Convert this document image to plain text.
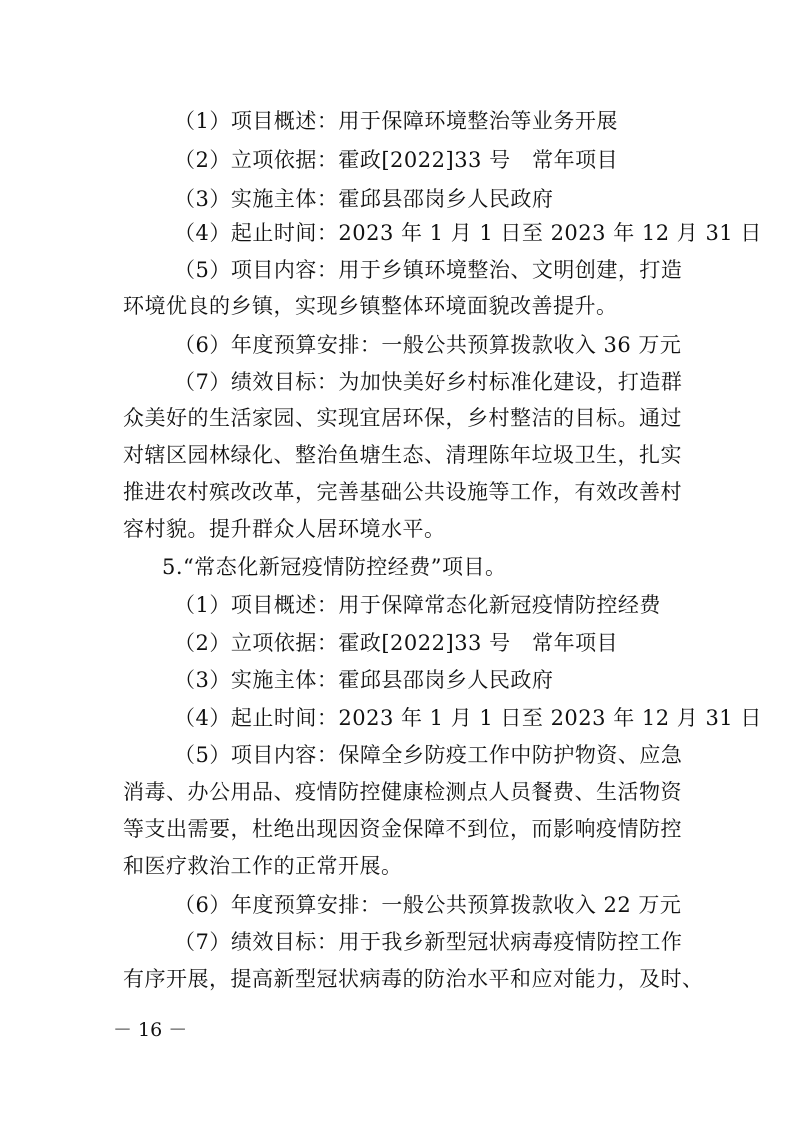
（1）项目概述：用于保障环境整治等业务开展
（2）立项依据：霍政[2022]33 号　常年项目
（3）实施主体：霍邱县邵岗乡人民政府
（4）起止时间：2023 年 1 月 1 日至 2023 年 12 月 31 日
（5）项目内容：用于乡镇环境整治、文明创建，打造
环境优良的乡镇，实现乡镇整体环境面貌改善提升。
（6）年度预算安排：一般公共预算拨款收入 36 万元
（7）绩效目标：为加快美好乡村标准化建设，打造群
众美好的生活家园、实现宜居环保，乡村整洁的目标。通过
对辖区园林绿化、整治鱼塘生态、清理陈年垃圾卫生，扎实
推进农村殡改改革，完善基础公共设施等工作，有效改善村
容村貌。提升群众人居环境水平。
5.“常态化新冠疫情防控经费”项目。
（1）项目概述：用于保障常态化新冠疫情防控经费
（2）立项依据：霍政[2022]33 号　常年项目
（3）实施主体：霍邱县邵岗乡人民政府
（4）起止时间：2023 年 1 月 1 日至 2023 年 12 月 31 日
（5）项目内容：保障全乡防疫工作中防护物资、应急
消毒、办公用品、疫情防控健康检测点人员餐费、生活物资
等支出需要，杜绝出现因资金保障不到位，而影响疫情防控
和医疗救治工作的正常开展。
（6）年度预算安排：一般公共预算拨款收入 22 万元
（7）绩效目标：用于我乡新型冠状病毒疫情防控工作
有序开展，提高新型冠状病毒的防治水平和应对能力，及时、
－ 16 －
